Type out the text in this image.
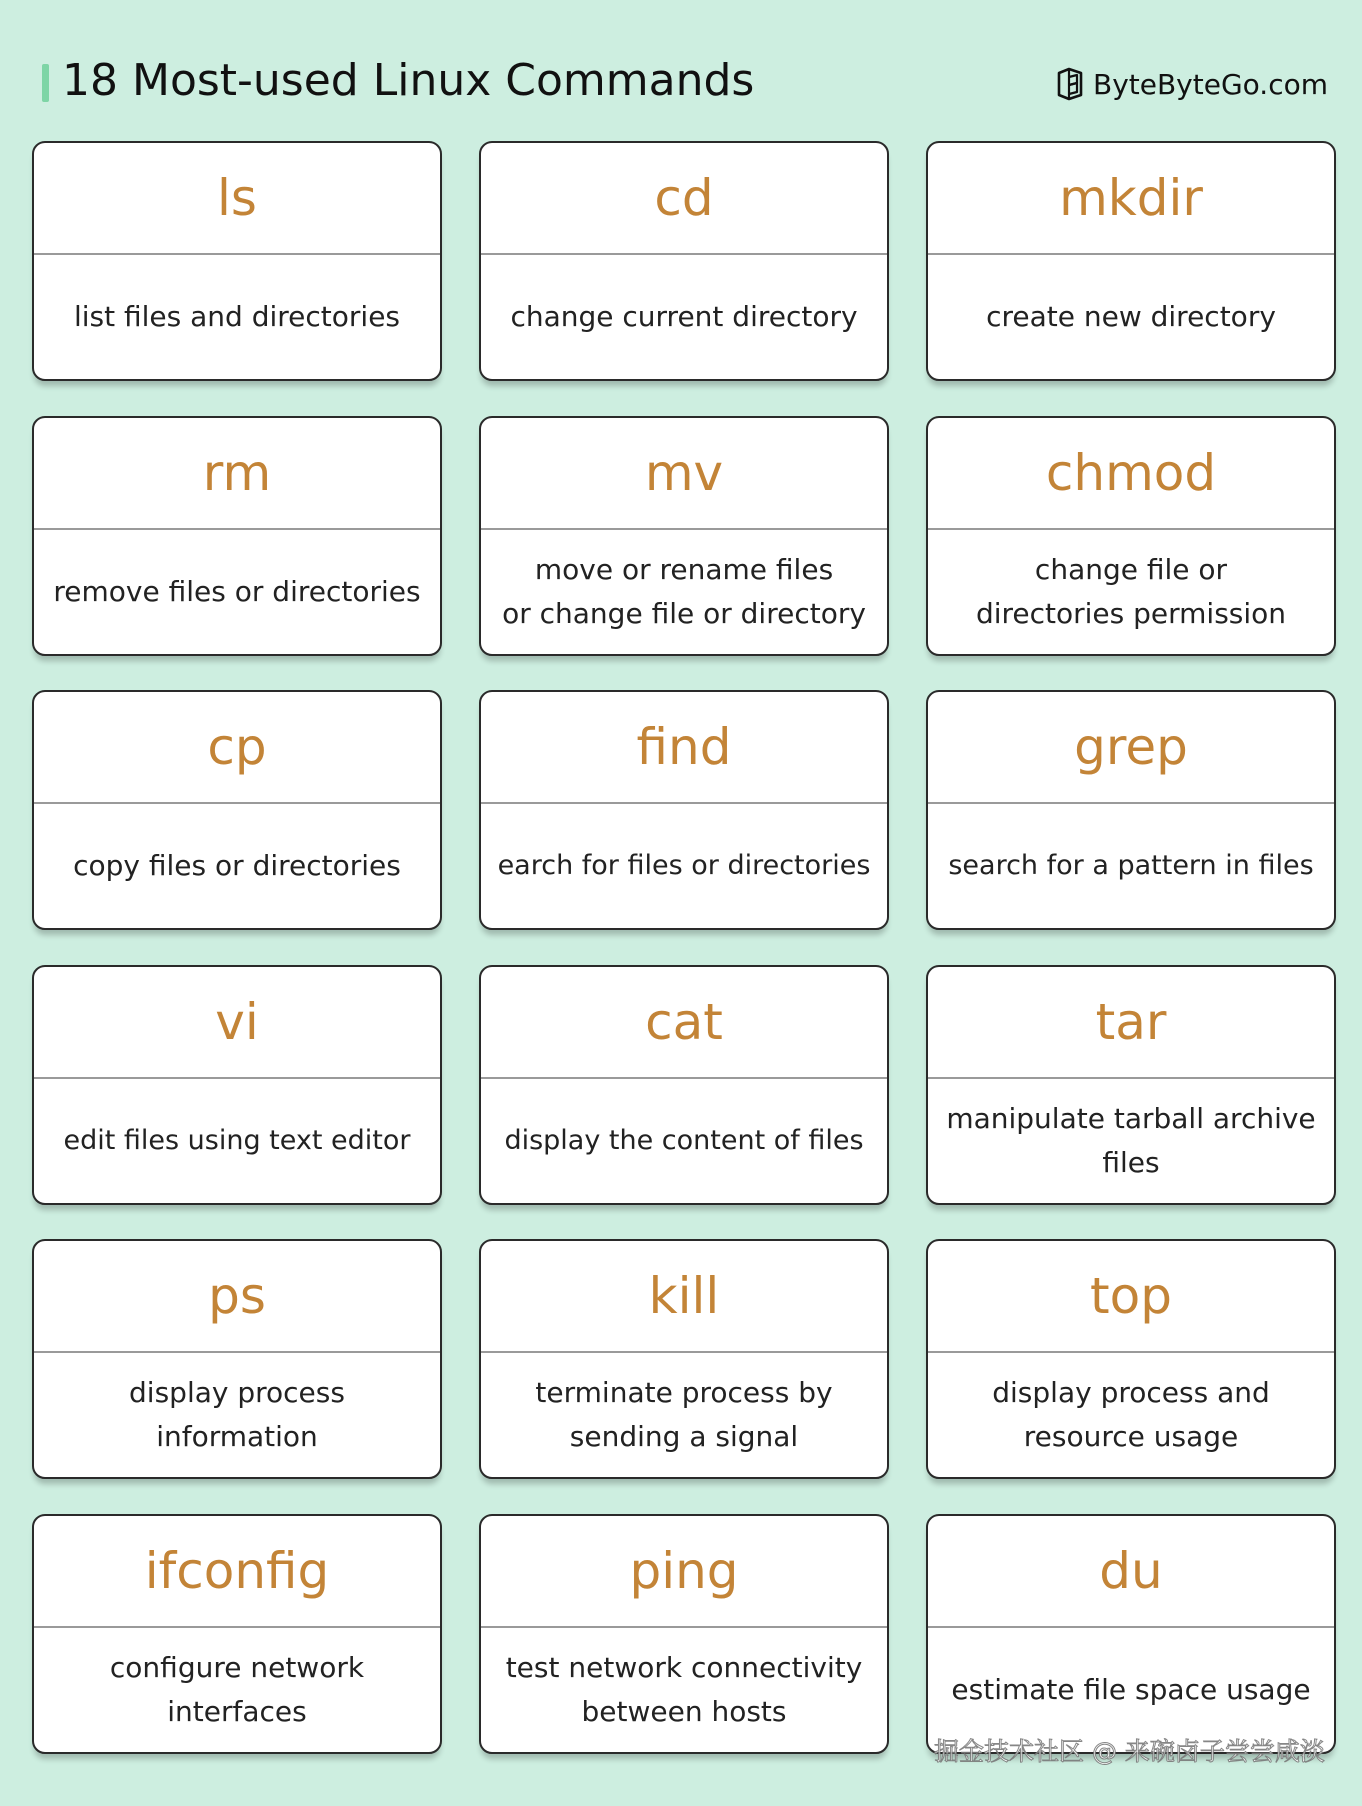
18 Most-used Linux Commands	ByteByteGo.com
ls
list files and directories
cd
change current directory
mkdir
create new directory
rm
remove files or directories
mv
move or rename files
or change file or directory
chmod
change file or
directories permission
cp
copy files or directories
find
earch for files or directories
grep
search for a pattern in files
vi
edit files using text editor
cat
display the content of files
tar
manipulate tarball archive
files
ps
display process information
kill
terminate process by
sending a signal
top
display process and
resource usage
ifconfig
configure network
interfaces
ping
test network connectivity
between hosts
du
estimate file space usage
掘金技术社区 @ 来碗卤子尝尝咸淡
